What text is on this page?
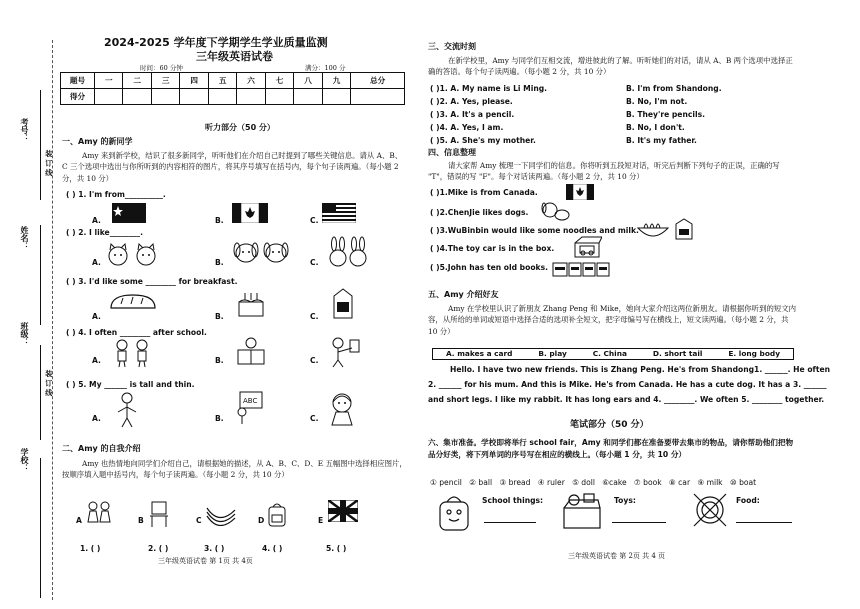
考号：
姓名：
班级：
学校：
装 订 线
装 订 线
2024-2025 学年度下学期学生学业质量监测
三年级英语试卷
时间：60 分钟	满分：100 分
题号	一	二	三	四	五	六	七	八	九	总分
得分										
听力部分（50 分）
一、Amy 的新同学
Amy 来到新学校，结识了很多新同学，听听他们在介绍自己时提到了哪些关键信息。请从 A、B、C 三个选项中选出与你所听到的内容相符的图片，将其序号填写在括号内，每个句子读两遍。（每小题 2 分，共 10 分）
( ) 1. I'm from__________.
A.	B.	C.
( ) 2. I like________.
A.	B.	C.
( ) 3. I'd like some ________ for breakfast.
A.	B.	C.
( ) 4. I often ________ after school.
A.	B.	C.
( ) 5. My ______ is tall and thin.
A.	B.	C.
ABC
二、Amy 的自我介绍
Amy 也热情地向同学们介绍自己，请根据她的描述，从 A、B、C、D、E 五幅图中选择相应图片，按顺序填入题中括号内，每个句子读两遍。（每小题 2 分，共 10 分）
A	B	C	D	E
1. ( )	2. ( )	3. ( )	4. ( )	5. ( )
三年级英语试卷 第 1页 共 4页
三、交流时刻
在新学校里，Amy 与同学们互相交流，增进彼此的了解。听听她们的对话，请从 A、B 两个选项中选择正确的答语。每个句子读两遍。（每小题 2 分，共 10 分）
( )1. A. My name is Li Ming.	B. I'm from Shandong.
( )2. A. Yes, please.	B. No, I'm not.
( )3. A. It's a pencil.	B. They're pencils.
( )4. A. Yes, I am.	B. No, I don't.
( )5. A. She's my mother.	B. It's my father.
四、信息整理
请大家帮 Amy 梳理一下同学们的信息。你将听到五段短对话，听完后判断下列句子的正误，正确的写 "T"，错误的写 "F"。每个对话读两遍。（每小题 2 分，共 10 分）
( )1.Mike is from Canada.
( )2.ChenJie likes dogs.
( )3.WuBinbin would like some noodles and milk.
( )4.The toy car is in the box.
( )5.John has ten old books.
五、Amy 介绍好友
Amy 在学校里认识了新朋友 Zhang Peng 和 Mike，她向大家介绍这两位新朋友。请根据你听到的短文内容，从所给的单词或短语中选择合适的选项补全短文，把字母编号写在横线上，短文读两遍。（每小题 2 分，共 10 分）
A. makes a card	B. play	C. China	D. short tail	E. long body
Hello. I have two new friends. This is Zhang Peng. He's from Shandong1. ______. He often
2. ______ for his mum. And this is Mike. He's from Canada. He has a cute dog. It has a 3. ______
and short legs. I like my rabbit. It has long ears and 4. ________. We often 5. ________ together.
笔试部分（50 分）
六、集市准备。学校即将举行 school fair，Amy 和同学们都在准备要带去集市的物品，请你帮助他们把物品分好类，将下列单词的序号写在相应的横线上。（每小题 1 分，共 10 分）
① pencil ② ball ③ bread ④ ruler ⑤ doll ⑥cake ⑦ book ⑧ car ⑨ milk ⑩ boat
School things:	Toys:	Food:
三年级英语试卷 第 2页 共 4 页
